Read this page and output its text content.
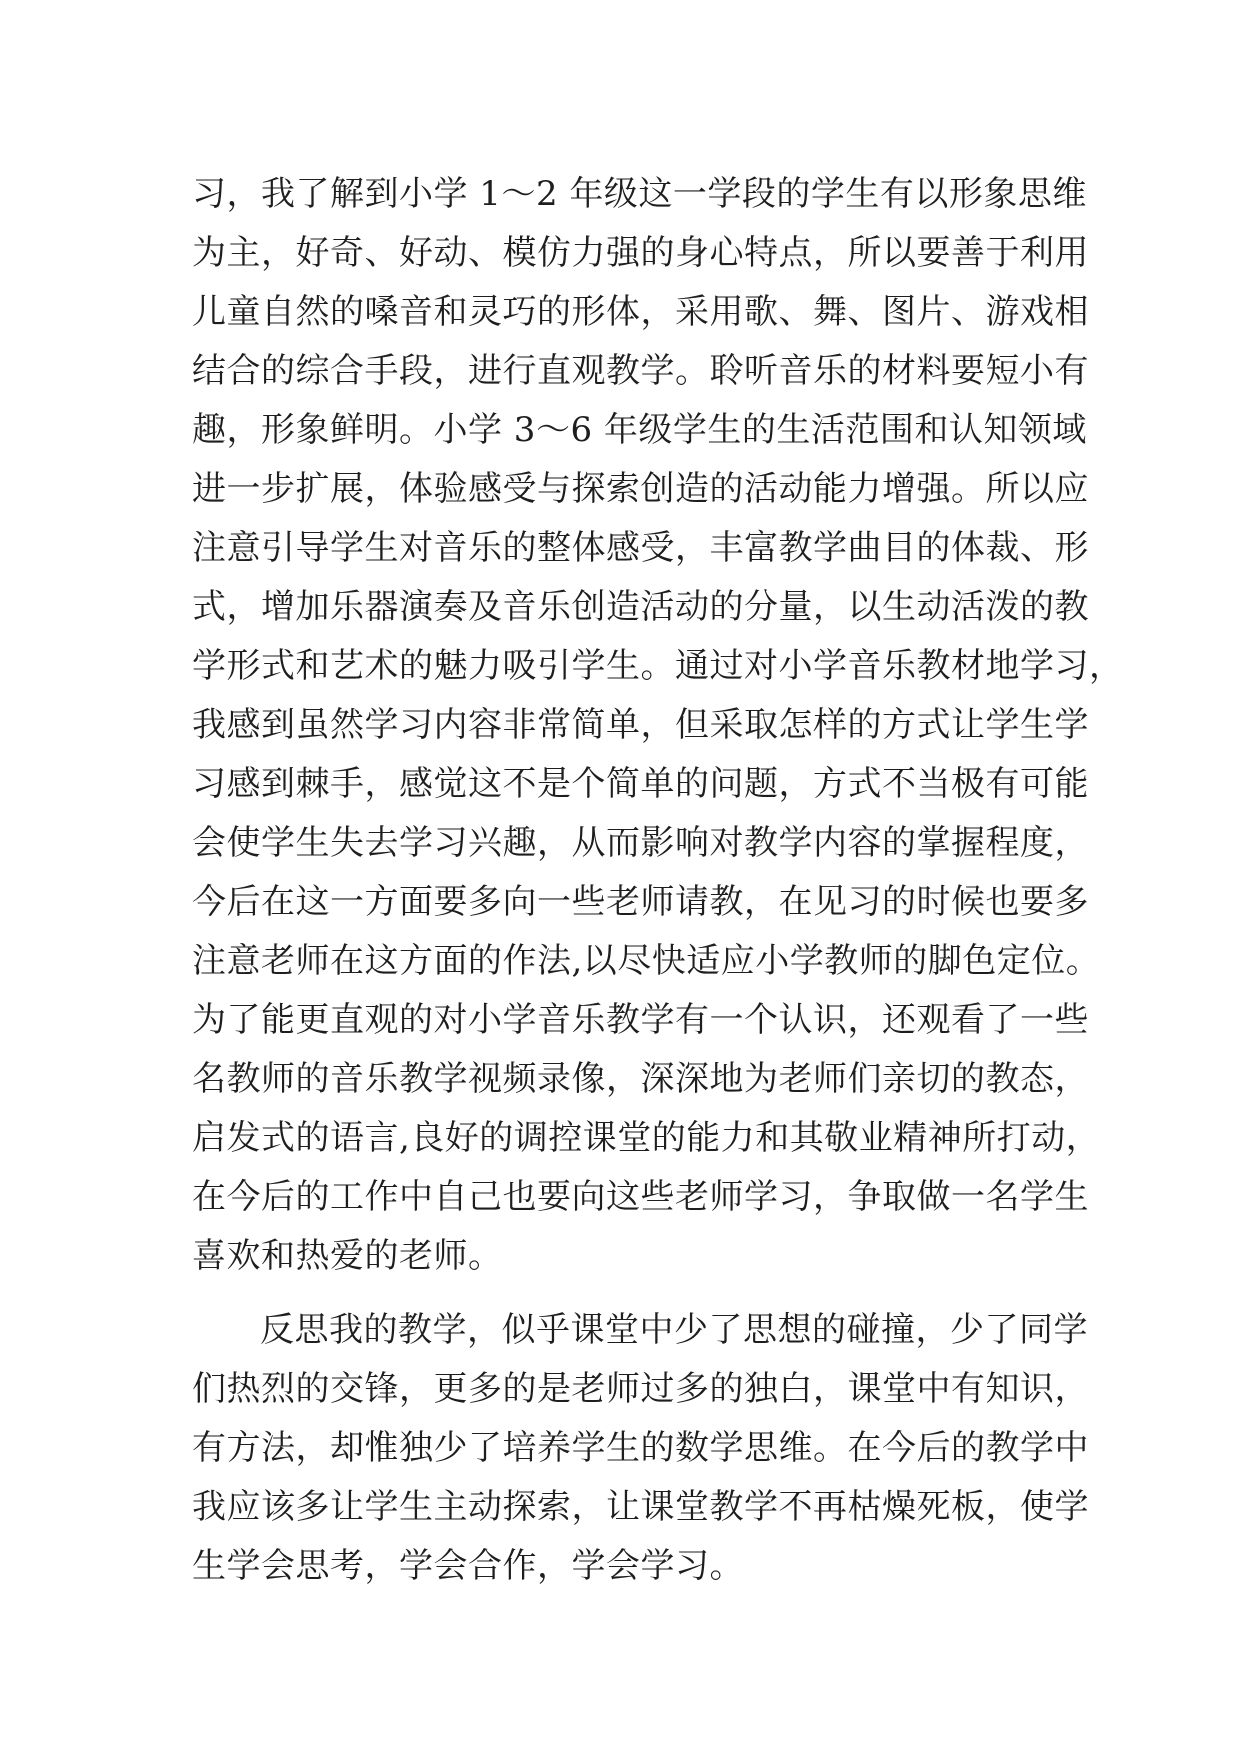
习，我了解到小学 1～2 年级这一学段的学生有以形象思维
为主，好奇、好动、模仿力强的身心特点，所以要善于利用
儿童自然的嗓音和灵巧的形体，采用歌、舞、图片、游戏相
结合的综合手段，进行直观教学。聆听音乐的材料要短小有
趣，形象鲜明。小学 3～6 年级学生的生活范围和认知领域
进一步扩展，体验感受与探索创造的活动能力增强。所以应
注意引导学生对音乐的整体感受，丰富教学曲目的体裁、形
式，增加乐器演奏及音乐创造活动的分量，以生动活泼的教
学形式和艺术的魅力吸引学生。通过对小学音乐教材地学习，
我感到虽然学习内容非常简单，但采取怎样的方式让学生学
习感到棘手，感觉这不是个简单的问题，方式不当极有可能
会使学生失去学习兴趣，从而影响对教学内容的掌握程度，
今后在这一方面要多向一些老师请教，在见习的时候也要多
注意老师在这方面的作法,以尽快适应小学教师的脚色定位。
为了能更直观的对小学音乐教学有一个认识，还观看了一些
名教师的音乐教学视频录像，深深地为老师们亲切的教态，
启发式的语言,良好的调控课堂的能力和其敬业精神所打动，
在今后的工作中自己也要向这些老师学习，争取做一名学生
喜欢和热爱的老师。
反思我的教学，似乎课堂中少了思想的碰撞，少了同学
们热烈的交锋，更多的是老师过多的独白，课堂中有知识，
有方法，却惟独少了培养学生的数学思维。在今后的教学中
我应该多让学生主动探索，让课堂教学不再枯燥死板，使学
生学会思考，学会合作，学会学习。
